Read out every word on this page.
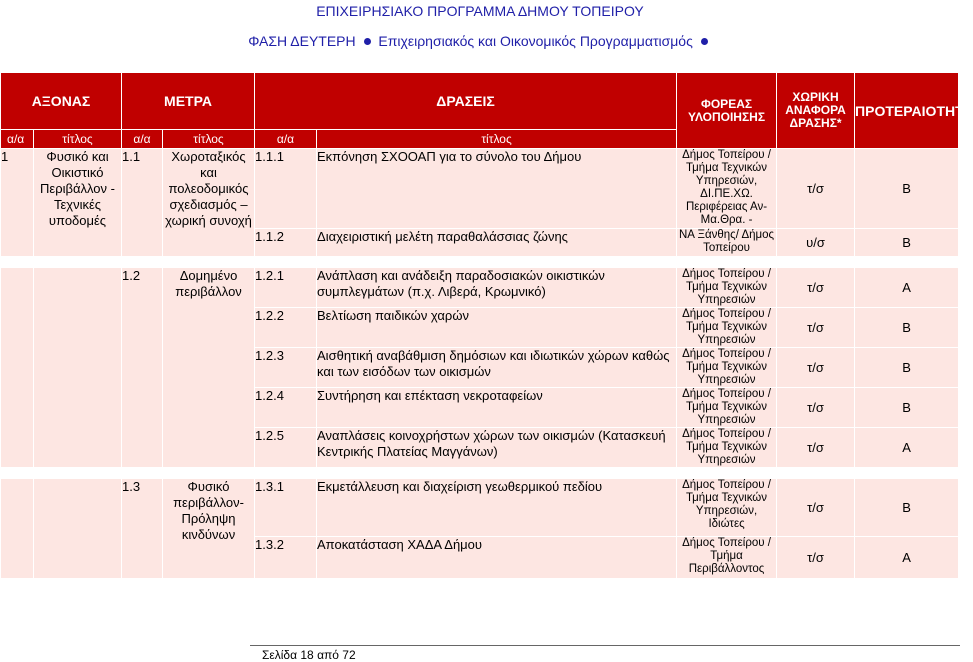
ΕΠΙΧΕΙΡΗΣΙΑΚΟ ΠΡΟΓΡΑΜΜΑ ΔΗΜΟΥ ΤΟΠΕΙΡΟΥ
ΦΑΣΗ ΔΕΥΤΕΡΗ Επιχειρησιακός και Οικονομικός Προγραμματισμός
ΑΞΟΝΑΣ		ΜΕΤΡΑ		ΔΡΑΣΕΙΣ		ΦΟΡΕΑΣ ΥΛΟΠΟΙΗΣΗΣ	ΧΩΡΙΚΗ ΑΝΑΦΟΡΑ ΔΡΑΣΗΣ*	ΠΡΟΤΕΡΑΙΟΤΗΤΑ
α/α	τίτλος	α/α	τίτλος	α/α	τίτλος			
1	Φυσικό και Οικιστικό Περιβάλλον - Τεχνικές υποδομές	1.1	Χωροταξικός και πολεοδομικός σχεδιασμός – χωρική συνοχή	1.1.1	Εκπόνηση ΣΧΟΟΑΠ για το σύνολο του Δήμου	Δήμος Τοπείρου / Τμήμα Τεχνικών Υπηρεσιών, ΔΙ.ΠΕ.ΧΩ. Περιφέρειας Αν-Μα.Θρα. -	τ/σ	Β
				1.1.2	Διαχειριστική μελέτη παραθαλάσσιας ζώνης	ΝΑ Ξάνθης/ Δήμος Τοπείρου	υ/σ	Β

		1.2	Δομημένο περιβάλλον	1.2.1	Ανάπλαση και ανάδειξη παραδοσιακών οικιστικών συμπλεγμάτων (π.χ. Λιβερά, Κρωμνικό)	Δήμος Τοπείρου / Τμήμα Τεχνικών Υπηρεσιών	τ/σ	Α
				1.2.2	Βελτίωση παιδικών χαρών	Δήμος Τοπείρου / Τμήμα Τεχνικών Υπηρεσιών	τ/σ	Β
				1.2.3	Αισθητική αναβάθμιση δημόσιων και ιδιωτικών χώρων καθώς και των εισόδων των οικισμών	Δήμος Τοπείρου / Τμήμα Τεχνικών Υπηρεσιών	τ/σ	Β
				1.2.4	Συντήρηση και επέκταση νεκροταφείων	Δήμος Τοπείρου / Τμήμα Τεχνικών Υπηρεσιών	τ/σ	Β
				1.2.5	Αναπλάσεις κοινοχρήστων χώρων των οικισμών (Κατασκευή Κεντρικής Πλατείας Μαγγάνων)	Δήμος Τοπείρου / Τμήμα Τεχνικών Υπηρεσιών	τ/σ	Α

		1.3	Φυσικό περιβάλλον-Πρόληψη κινδύνων	1.3.1	Εκμετάλλευση και διαχείριση γεωθερμικού πεδίου	Δήμος Τοπείρου / Τμήμα Τεχνικών Υπηρεσιών, Ιδιώτες	τ/σ	Β
				1.3.2	Αποκατάσταση ΧΑΔΑ Δήμου	Δήμος Τοπείρου / Τμήμα Περιβάλλοντος	τ/σ	Α
Σελίδα 18 από 72
